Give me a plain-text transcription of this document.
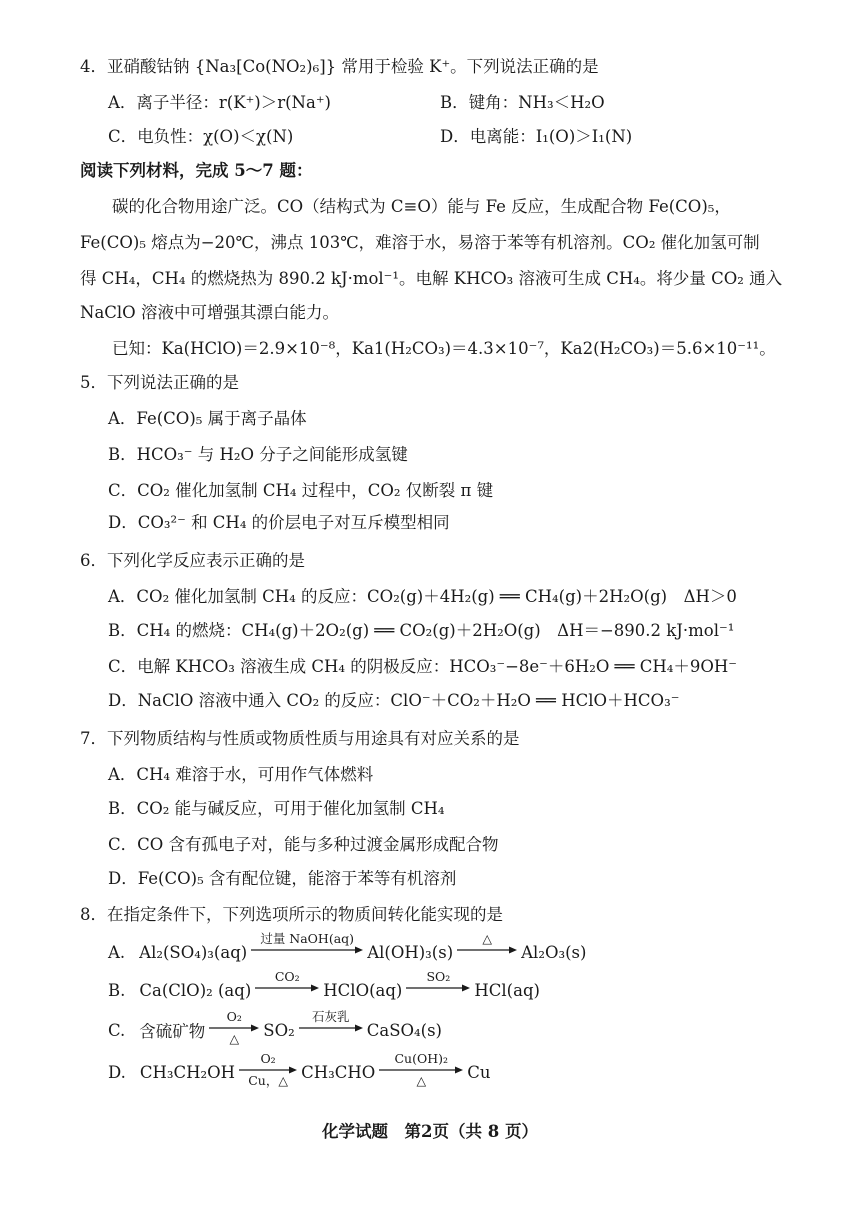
4．亚硝酸钴钠 {Na₃[Co(NO₂)₆]} 常用于检验 K⁺。下列说法正确的是
A．离子半径：r(K⁺)＞r(Na⁺)	B．键角：NH₃＜H₂O
C．电负性：χ(O)＜χ(N)	D．电离能：I₁(O)＞I₁(N)
阅读下列材料，完成 5～7 题：
碳的化合物用途广泛。CO（结构式为 C≡O）能与 Fe 反应，生成配合物 Fe(CO)₅，
Fe(CO)₅ 熔点为−20℃，沸点 103℃，难溶于水，易溶于苯等有机溶剂。CO₂ 催化加氢可制
得 CH₄，CH₄ 的燃烧热为 890.2 kJ·mol⁻¹。电解 KHCO₃ 溶液可生成 CH₄。将少量 CO₂ 通入
NaClO 溶液中可增强其漂白能力。
已知：Ka(HClO)＝2.9×10⁻⁸，Ka1(H₂CO₃)＝4.3×10⁻⁷，Ka2(H₂CO₃)＝5.6×10⁻¹¹。
5．下列说法正确的是
A．Fe(CO)₅ 属于离子晶体
B．HCO₃⁻ 与 H₂O 分子之间能形成氢键
C．CO₂ 催化加氢制 CH₄ 过程中，CO₂ 仅断裂 π 键
D．CO₃²⁻ 和 CH₄ 的价层电子对互斥模型相同
6．下列化学反应表示正确的是
A．CO₂ 催化加氢制 CH₄ 的反应：CO₂(g)＋4H₂(g) ══ CH₄(g)＋2H₂O(g)　ΔH＞0
B．CH₄ 的燃烧：CH₄(g)＋2O₂(g) ══ CO₂(g)＋2H₂O(g)　ΔH＝−890.2 kJ·mol⁻¹
C．电解 KHCO₃ 溶液生成 CH₄ 的阴极反应：HCO₃⁻−8e⁻＋6H₂O ══ CH₄＋9OH⁻
D．NaClO 溶液中通入 CO₂ 的反应：ClO⁻＋CO₂＋H₂O ══ HClO＋HCO₃⁻
7．下列物质结构与性质或物质性质与用途具有对应关系的是
A．CH₄ 难溶于水，可用作气体燃料
B．CO₂ 能与碱反应，可用于催化加氢制 CH₄
C．CO 含有孤电子对，能与多种过渡金属形成配合物
D．Fe(CO)₅ 含有配位键，能溶于苯等有机溶剂
8．在指定条件下，下列选项所示的物质间转化能实现的是
A. Al₂(SO₄)₃(aq)
过量 NaOH(aq)
Al(OH)₃(s)
△
Al₂O₃(s)
B. Ca(ClO)₂ (aq)
CO₂
HClO(aq)
SO₂
HCl(aq)
C. 含硫矿物
O₂
△ SO₂
石灰乳
CaSO₄(s)
D. CH₃CH₂OH
O₂
Cu，△ CH₃CHO
Cu(OH)₂
△ Cu
化学试题　第2页（共 8 页）
